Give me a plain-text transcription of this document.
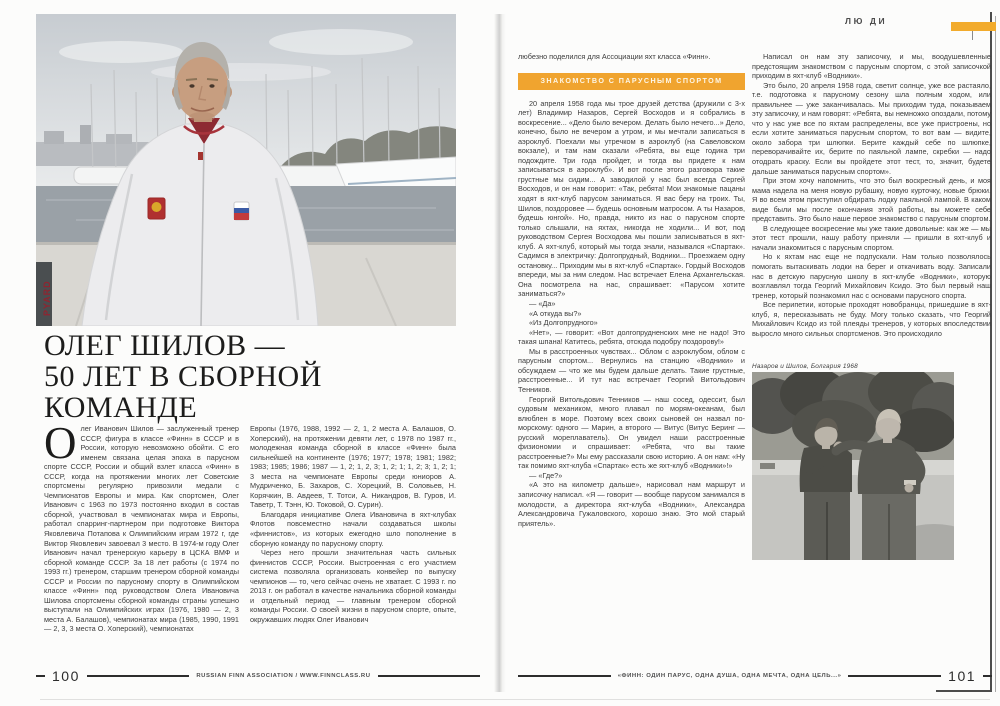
PYARD
ОЛЕГ ШИЛОВ —
50 ЛЕТ В СБОРНОЙ
КОМАНДЕ
О лег Иванович Шилов — заслуженный тренер СССР, фигура в классе «Финн» в СССР и в России, которую невозможно обойти. С его именем связана целая эпоха в парусном спорте СССР, России и общий взлет класса «Финн» в СССР, когда на протяжении многих лет Советские спортсмены регулярно привозили медали с Чемпионатов Европы и мира. Как спортсмен, Олег Иванович с 1963 по 1973 постоянно входил в состав сборной, участвовал в чемпионатах мира и Европы, работал спарринг-партнером при подготовке Виктора Яковлевича Потапова к Олимпийским играм 1972 г, где Виктор Яковлевич завоевал 3 место. В 1974-м году Олег Иванович начал тренерскую карьеру в ЦСКА ВМФ и сборной команде СССР. За 18 лет работы (с 1974 по 1993 гг.) тренером, старшим тренером сборной команды СССР и России по парусному спорту в Олимпийском классе «Финн» под руководством Олега Ивановича Шилова спортсмены сборной команды страны успешно выступали на Олимпийских играх (1976, 1980 — 2, 3 места А. Балашов), чемпионатах мира (1985, 1990, 1991 — 2, 3, 3 места О. Хоперский), чемпионатах

Европы (1976, 1988, 1992 — 2, 1, 2 места А. Балашов, О. Хоперский), на протяжении девяти лет, с 1978 по 1987 гг., молодежная команда сборной в классе «Финн» была сильнейшей на континенте (1976; 1977; 1978; 1981; 1982; 1983; 1985; 1986; 1987 — 1, 2; 1, 2, 3; 1, 2; 1; 1, 2; 3; 1, 2; 1; 3 места на чемпионате Европы среди юниоров А. Мудриченко, Б. Захаров, С. Хорецкий, В. Соловьев, Н. Корячкин, В. Авдеев, Т. Тотси, А. Никандров, В. Гуров, И. Таветр, Т. Тэнн, Ю. Токовой, О. Сурин).

Благодаря инициативе Олега Ивановича в яхт-клубах Флотов повсеместно начали создаваться школы «финнистов», из которых ежегодно шло пополнение в сборную команду по парусному спорту.

Через него прошли значительная часть сильных финнистов СССР, России. Выстроенная с его участием система позволяла организовать конвейер по выпуску чемпионов — то, чего сейчас очень не хватает. С 1993 г. по 2013 г. он работал в качестве начальника сборной команды и отдельный период — главным тренером сборной команды России. О своей жизни в парусном спорте, опыте, окружавших людях Олег Иванович

100	RUSSIAN FINN ASSOCIATION / WWW.FINNCLASS.RU
ЛЮ ДИ

любезно поделился для Ассоциации яхт класса «Финн».

ЗНАКОМСТВО С ПАРУСНЫМ СПОРТОМ

20 апреля 1958 года мы трое друзей детства (дружили с 3-х лет) Владимир Назаров, Сергей Восходов и я собрались в воскресение... «Дело было вечером. Делать было нечего...» Дело, конечно, было не вечером а утром, и мы мечтали записаться в аэроклуб. Поехали мы утречком в аэроклуб (на Савеловском вокзале), и там нам сказали «Ребята, вы еще годика три подождите. Три года пройдет, и тогда вы придете к нам записываться в аэроклуб». И вот после этого разговора такие грустные мы сидим... А заводилой у нас был всегда Сергей Восходов, и он нам говорит: «Так, ребята! Мои знакомые пацаны ходят в яхт-клуб парусом заниматься. Я вас беру на троих. Ты, Шилов, поздоровее — будешь основным матросом. А ты Назаров, будешь юнгой». Но, правда, никто из нас о парусном спорте только слышали, на яхтах, никогда не ходили... И вот, под руководством Сергея Восходова мы пошли записываться в яхт-клуб. А яхт-клуб, который мы тогда знали, назывался «Спартак». Садимся в электричку: Долгопрудный, Водники... Проезжаем одну остановку... Приходим мы в яхт-клуб «Спартак». Гордый Восходов впереди, мы за ним следом. Нас встречает Елена Архангельская. Она посмотрела на нас, спрашивает: «Парусом хотите заниматься?»

— «Да»

«А откуда вы?»

«Из Долгопрудного»

«Нет», — говорит: «Вот долгопрудненских мне не надо! Это такая шпана! Катитесь, ребята, отсюда подобру поздорову!»

Мы в расстроенных чувствах... Облом с аэроклубом, облом с парусным спортом... Вернулись на станцию «Водники» и обсуждаем — что же мы будем дальше делать. Такие грустные, расстроенные... И тут нас встречает Георгий Витольдович Тенников.

Георгий Витольдович Тенников — наш сосед, одессит, был судовым механиком, много плавал по морям-океанам, был влюблен в море. Поэтому всех своих сыновей он назвал по-морскому: одного — Марин, а второго — Витус (Витус Беринг — русский мореплаватель). Он увидел наши расстроенные физиономии и спрашивает: «Ребята, что вы такие расстроенные?» Мы ему рассказали свою историю. А он нам: «Ну так помимо яхт-клуба «Спартак» есть же яхт-клуб «Водники»!»

— «Где?»

«А это на километр дальше», нарисовал нам маршрут и записочку написал. «Я — говорит — вообще парусом занимался в молодости, а директора яхт-клуба «Водники», Александра Александровича Гужаловского, хорошо знаю. Это мой старый приятель».

Написал он нам эту записочку, и мы, воодушевленные предстоящим знакомством с парусным спортом, с этой записочкой приходим в яхт-клуб «Водники».

Это было, 20 апреля 1958 года, светит солнце, уже все растаяло, т.е. подготовка к парусному сезону шла полным ходом, или правильнее — уже заканчивалась. Мы приходим туда, показываем эту записочку, и нам говорят: «Ребята, вы немножко опоздали, потому что у нас уже все по яхтам распределены, все уже пристроены, но если хотите заниматься парусным спортом, то вот вам — видите, около забора три шлюпки. Берите каждый себе по шлюпке, переворачивайте их, берите по паяльной лампе, скребки — надо отодрать краску. Если вы пройдете этот тест, то, значит, будете дальше заниматься парусным спортом».

При этом хочу напомнить, что это был воскресный день, и моя мама надела на меня новую рубашку, новую курточку, новые брюки. Я во всем этом приступил обдирать лодку паяльной лампой. В каком виде были мы после окончания этой работы, вы можете себе представить. Это было наше первое знакомство с парусным спортом.

В следующее воскресение мы уже такие довольные: как же — мы этот тест прошли, нашу работу приняли — пришли в яхт-клуб и начали знакомиться с парусным спортом.

Но к яхтам нас еще не подпускали. Нам только позволялось помогать вытаскивать лодки на берег и откачивать воду. Записали нас в детскую парусную школу в яхт-клубе «Водники», которую возглавлял тогда Георгий Михайлович Ксидо. Это был первый наш тренер, который познакомил нас с основами парусного спорта.

Все перипетии, которые проходят новобранцы, пришедшие в яхт-клуб, я, пересказывать не буду. Могу только сказать, что Георгий Михайлович Ксидо из той плеяды тренеров, у которых впоследствии выросло много сильных спортсменов. Это происходило

Назаров и Шилов, Болгария 1968
«ФИНН: ОДИН ПАРУС, ОДНА ДУША, ОДНА МЕЧТА, ОДНА ЦЕЛЬ...»	101
